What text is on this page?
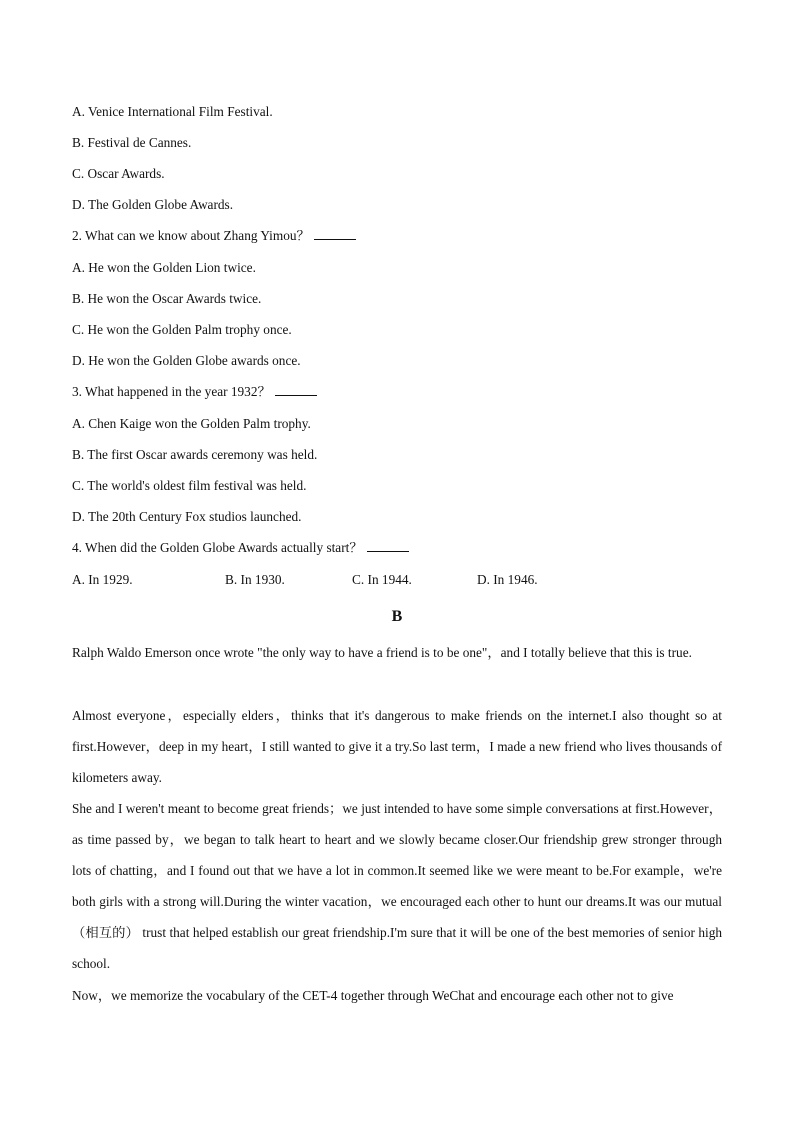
A. Venice International Film Festival.
B. Festival de Cannes.
C. Oscar Awards.
D. The Golden Globe Awards.
2. What can we know about Zhang Yimou？
A. He won the Golden Lion twice.
B. He won the Oscar Awards twice.
C. He won the Golden Palm trophy once.
D. He won the Golden Globe awards once.
3. What happened in the year 1932？
A. Chen Kaige won the Golden Palm trophy.
B. The first Oscar awards ceremony was held.
C. The world's oldest film festival was held.
D. The 20th Century Fox studios launched.
4. When did the Golden Globe Awards actually start？
A. In 1929.	B. In 1930.	C. In 1944.	D. In 1946.
B
Ralph Waldo Emerson once wrote "the only way to have a friend is to be one"，and I totally believe that this is true.
Almost everyone，especially elders，thinks that it's dangerous to make friends on the internet.I also thought so at first.However，deep in my heart，I still wanted to give it a try.So last term，I made a new friend who lives thousands of kilometers away.
She and I weren't meant to become great friends；we just intended to have some simple conversations at first.However，as time passed by，we began to talk heart to heart and we slowly became closer.Our friendship grew stronger through lots of chatting，and I found out that we have a lot in common.It seemed like we were meant to be.For example，we're both girls with a strong will.During the winter vacation，we encouraged each other to hunt our dreams.It was our mutual（相互的） trust that helped establish our great friendship.I'm sure that it will be one of the best memories of senior high school.
Now，we memorize the vocabulary of the CET-4 together through WeChat and encourage each other not to give
